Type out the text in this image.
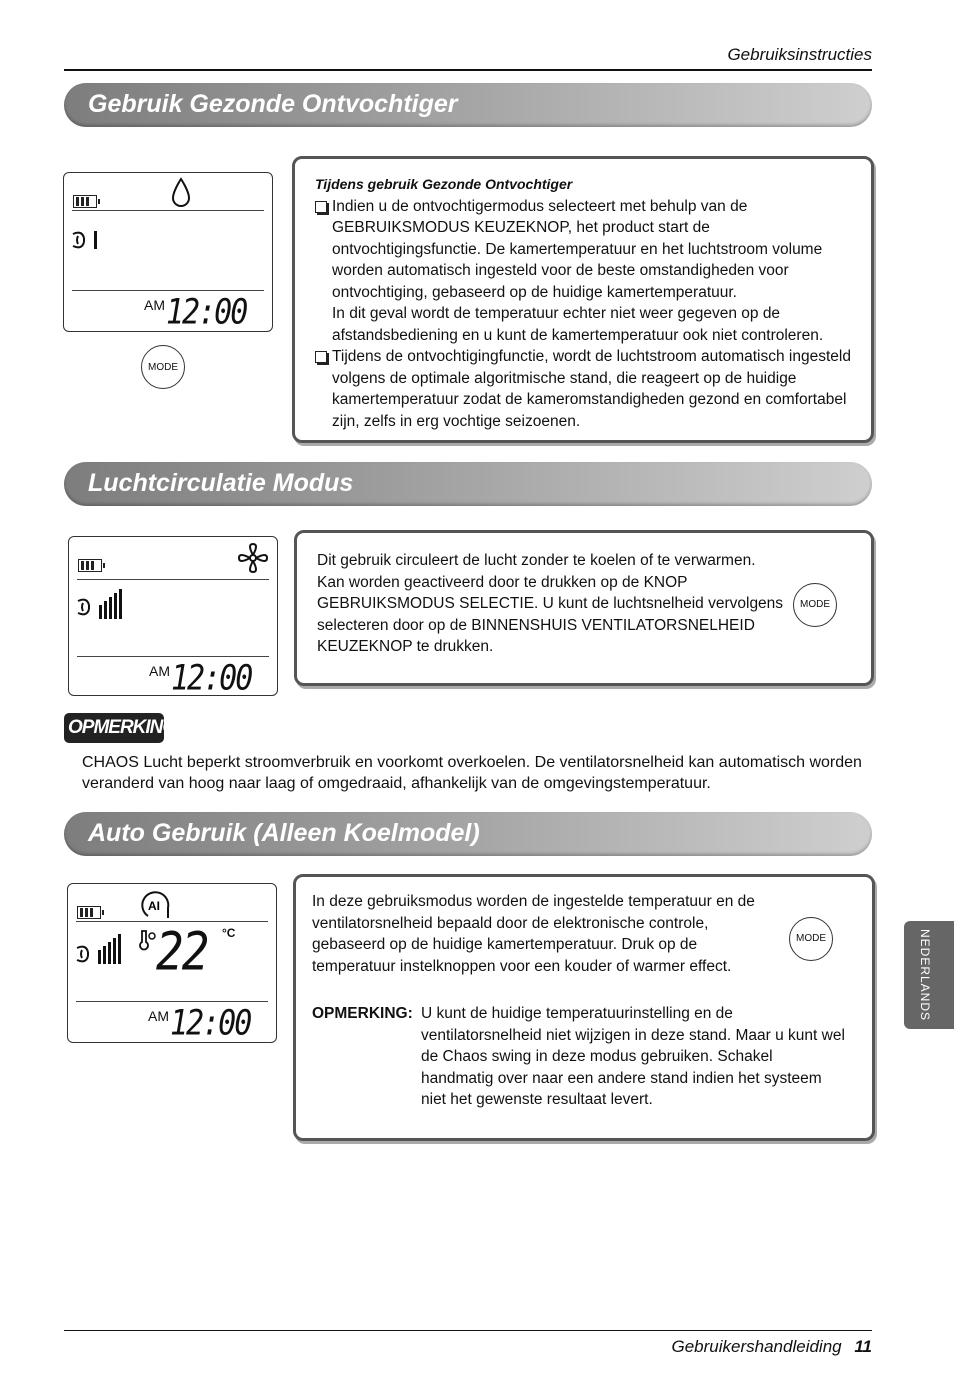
Gebruiksinstructies
Gebruik Gezonde Ontvochtiger
AM 12:00
MODE
Tijdens gebruik Gezonde Ontvochtiger
Indien u de ontvochtigermodus selecteert met behulp van de GEBRUIKSMODUS KEUZEKNOP, het product start de ontvochtigingsfunctie. De kamertemperatuur en het luchtstroom volume worden automatisch ingesteld voor de beste omstandigheden voor ontvochtiging, gebaseerd op de huidige kamertemperatuur.
In dit geval wordt de temperatuur echter niet weer gegeven op de afstandsbediening en u kunt de kamertemperatuur ook niet controleren.
Tijdens de ontvochtigingfunctie, wordt de luchtstroom automatisch ingesteld volgens de optimale algoritmische stand, die reageert op de huidige kamertemperatuur zodat de kameromstandigheden gezond en comfortabel zijn, zelfs in erg vochtige seizoenen.
Luchtcirculatie Modus
AM 12:00
Dit gebruik circuleert de lucht zonder te koelen of te verwarmen. Kan worden geactiveerd door te drukken op de KNOP GEBRUIKSMODUS SELECTIE. U kunt de luchtsnelheid vervolgens selecteren door op de BINNENSHUIS VENTILATORSNELHEID KEUZEKNOP te drukken.
MODE
OPMERKING
CHAOS Lucht beperkt stroomverbruik en voorkomt overkoelen. De ventilatorsnelheid kan automatisch worden veranderd van hoog naar laag of omgedraaid, afhankelijk van de omgevingstemperatuur.
Auto Gebruik (Alleen Koelmodel)
AI
22 °C
AM 12:00
In deze gebruiksmodus worden de ingestelde temperatuur en de ventilatorsnelheid bepaald door de elektronische controle, gebaseerd op de huidige kamertemperatuur. Druk op de temperatuur instelknoppen voor een kouder of warmer effect.
MODE
OPMERKING: U kunt de huidige temperatuurinstelling en de ventilatorsnelheid niet wijzigen in deze stand. Maar u kunt wel de Chaos swing in deze modus gebruiken. Schakel handmatig over naar een andere stand indien het systeem niet het gewenste resultaat levert.
NEDERLANDS
Gebruikershandleiding 11
